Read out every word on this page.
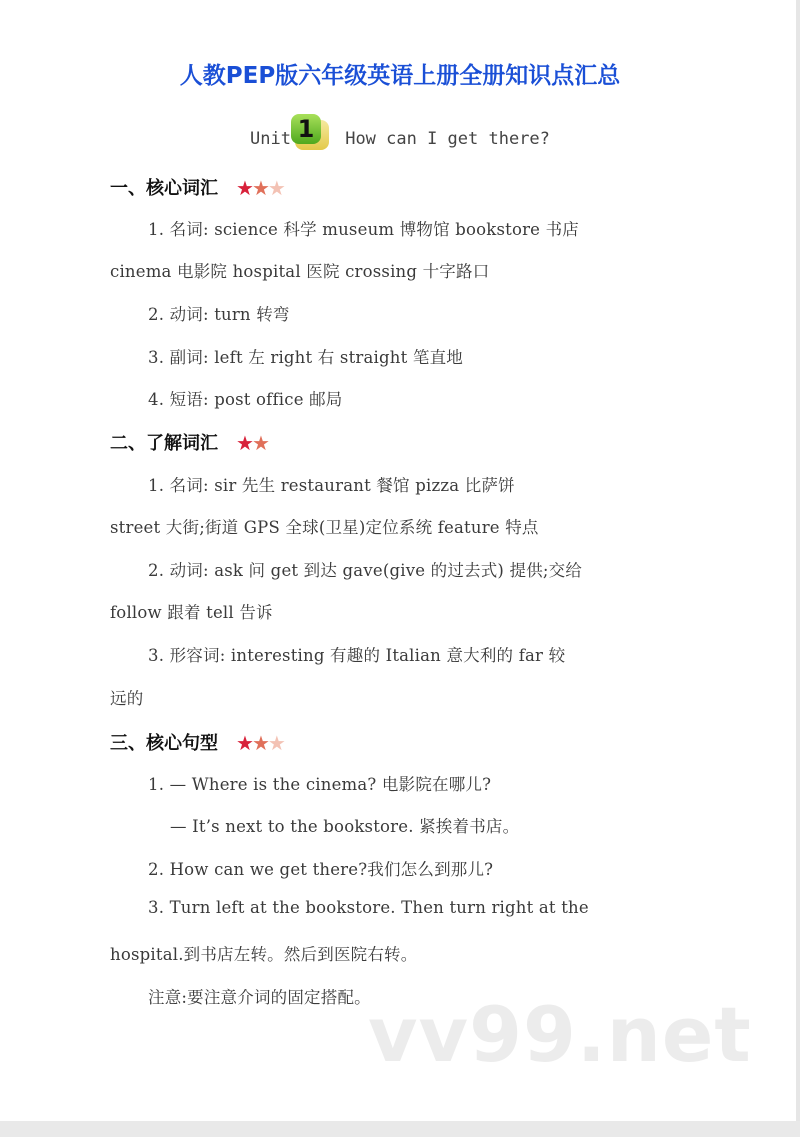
人教PEP版六年级英语上册全册知识点汇总
Unit 1	How can I get there?
一、核心词汇 ★★★
1. 名词: science 科学 museum 博物馆 bookstore 书店
cinema 电影院 hospital 医院 crossing 十字路口
2. 动词: turn 转弯
3. 副词: left 左 right 右 straight 笔直地
4. 短语: post office 邮局
二、了解词汇 ★★
1. 名词: sir 先生 restaurant 餐馆 pizza 比萨饼
street 大街;街道 GPS 全球(卫星)定位系统 feature 特点
2. 动词: ask 问 get 到达 gave(give 的过去式) 提供;交给
follow 跟着 tell 告诉
3. 形容词: interesting 有趣的 Italian 意大利的 far 较
远的
三、核心句型 ★★★
1. — Where is the cinema? 电影院在哪儿?
— It’s next to the bookstore. 紧挨着书店。
2. How can we get there?我们怎么到那儿?
3. Turn left at the bookstore. Then turn right at the
hospital.到书店左转。然后到医院右转。
注意:要注意介词的固定搭配。
vv99.net
